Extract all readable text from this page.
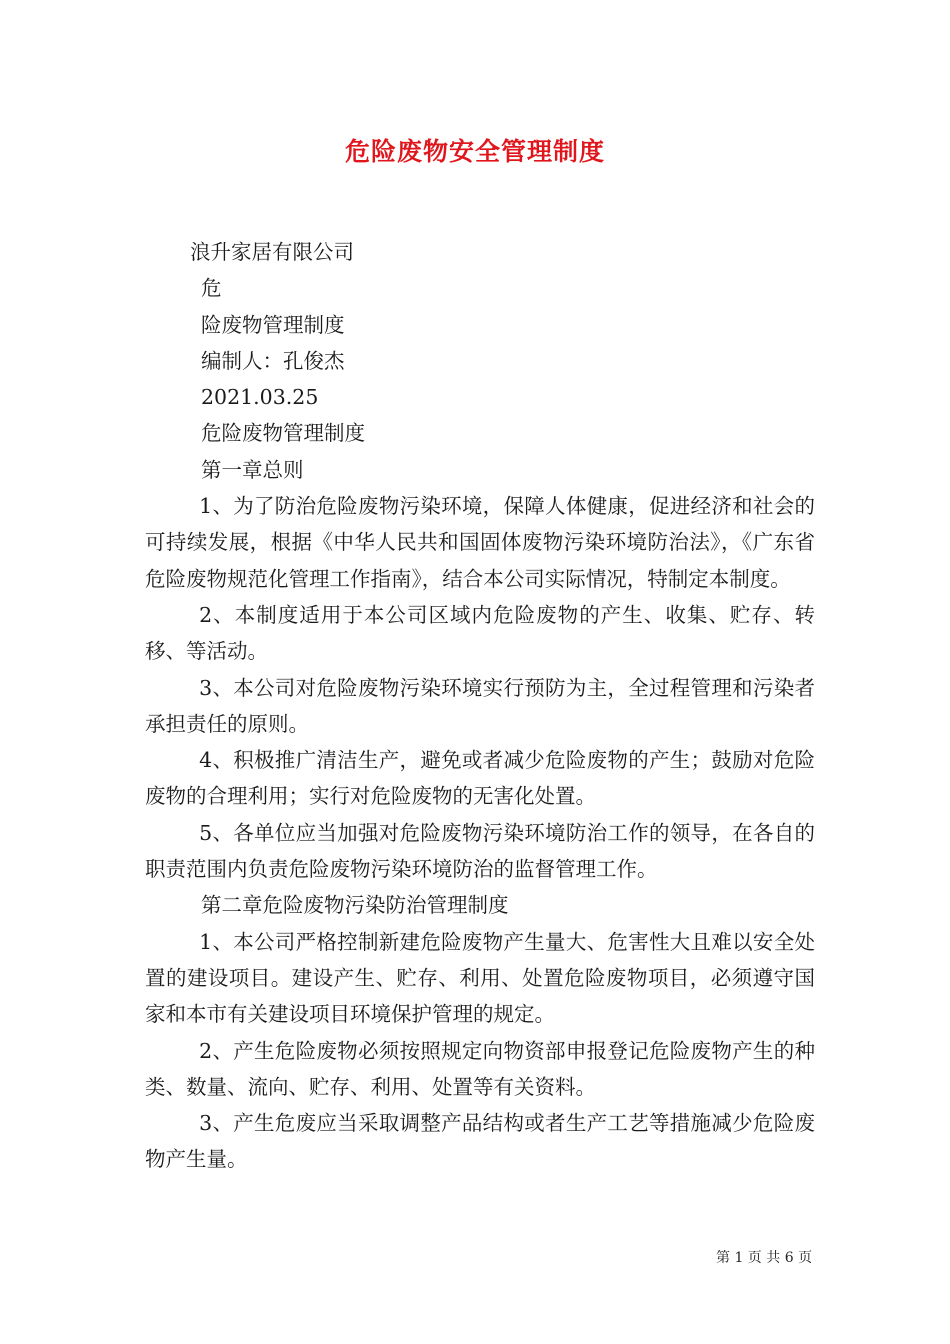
危险废物安全管理制度
浪升家居有限公司
危
险废物管理制度
编制人：孔俊杰
2021.03.25
危险废物管理制度
第一章总则

1、为了防治危险废物污染环境，保障人体健康，促进经济和社会的可持续发展，根据《中华人民共和国固体废物污染环境防治法》，《广东省危险废物规范化管理工作指南》，结合本公司实际情况，特制定本制度。

2、本制度适用于本公司区域内危险废物的产生、收集、贮存、转移、等活动。

3、本公司对危险废物污染环境实行预防为主，全过程管理和污染者承担责任的原则。

4、积极推广清洁生产，避免或者减少危险废物的产生；鼓励对危险废物的合理利用；实行对危险废物的无害化处置。

5、各单位应当加强对危险废物污染环境防治工作的领导，在各自的职责范围内负责危险废物污染环境防治的监督管理工作。

第二章危险废物污染防治管理制度

1、本公司严格控制新建危险废物产生量大、危害性大且难以安全处置的建设项目。建设产生、贮存、利用、处置危险废物项目，必须遵守国家和本市有关建设项目环境保护管理的规定。

2、产生危险废物必须按照规定向物资部申报登记危险废物产生的种类、数量、流向、贮存、利用、处置等有关资料。

3、产生危废应当采取调整产品结构或者生产工艺等措施减少危险废物产生量。

第 1 页 共 6 页
